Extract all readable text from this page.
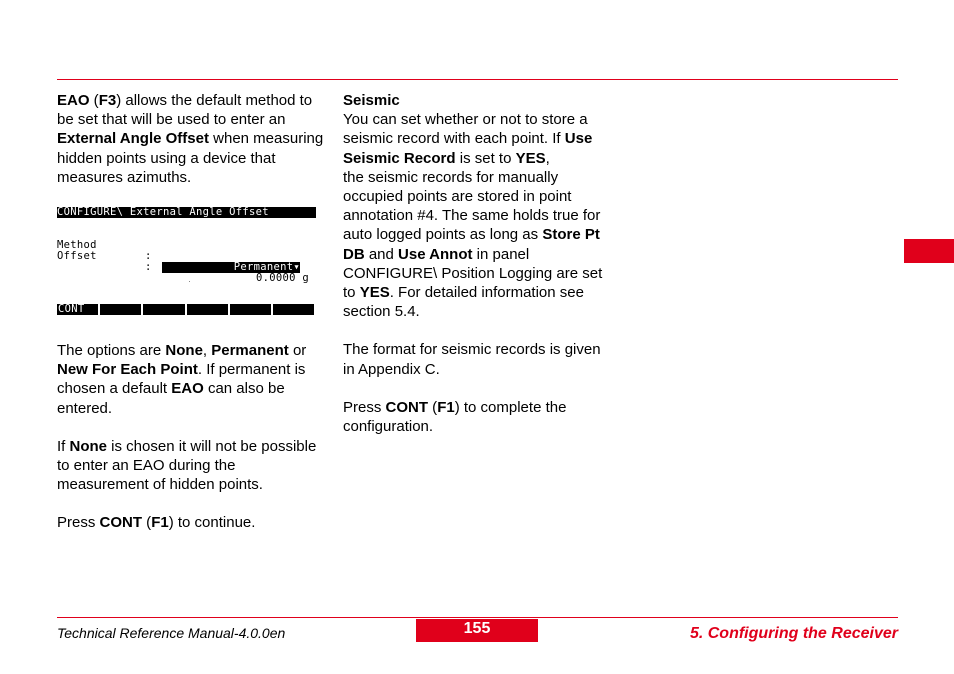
EAO (F3) allows the default method to be set that will be used to enter an External Angle Offset when measuring hidden points using a device that measures azimuths.

CONFIGURE\ External Angle Offset

Method

:

Permanent▾

Offset

:

0.0000 g

CONT

The options are None, Permanent or New For Each Point. If permanent is chosen a default EAO can also be entered.

If None is chosen it will not be possible to enter an EAO during the measurement of hidden points.

Press CONT (F1) to continue.

Seismic

You can set whether or not to store a seismic record with each point. If Use Seismic Record is set to YES,
the seismic records for manually occupied points are stored in point annotation #4. The same holds true for auto logged points as long as Store Pt DB and Use Annot in panel CONFIGURE\ Position Logging are set to YES. For detailed information see section 5.4.

The format for seismic records is given in Appendix C.

Press CONT (F1) to complete the configuration.

Technical Reference Manual-4.0.0en	155	5. Configuring the Receiver
